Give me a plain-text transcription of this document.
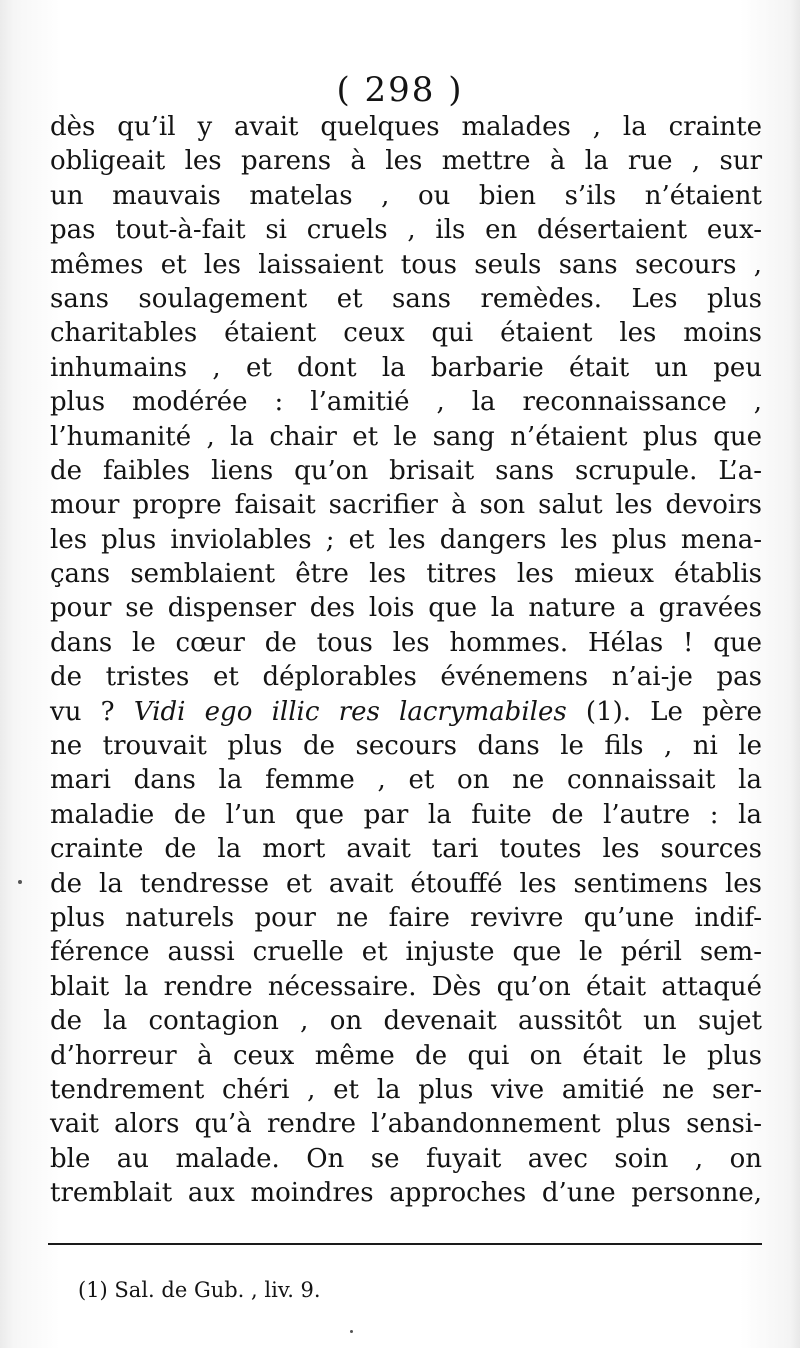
( 298 )

dès qu’il y avait quelques malades , la crainte
obligeait les parens à les mettre à la rue , sur
un mauvais matelas , ou bien s’ils n’étaient
pas tout-à-fait si cruels , ils en désertaient eux-
mêmes et les laissaient tous seuls sans secours ,
sans soulagement et sans remèdes. Les plus
charitables étaient ceux qui étaient les moins
inhumains , et dont la barbarie était un peu
plus modérée : l’amitié , la reconnaissance ,
l’humanité , la chair et le sang n’étaient plus que
de faibles liens qu’on brisait sans scrupule. L’a-
mour propre faisait sacrifier à son salut les devoirs
les plus inviolables ; et les dangers les plus mena-
çans semblaient être les titres les mieux établis
pour se dispenser des lois que la nature a gravées
dans le cœur de tous les hommes. Hélas ! que
de tristes et déplorables événemens n’ai-je pas
vu ? Vidi ego illic res lacrymabiles (1). Le père
ne trouvait plus de secours dans le fils , ni le
mari dans la femme , et on ne connaissait la
maladie de l’un que par la fuite de l’autre : la
crainte de la mort avait tari toutes les sources
de la tendresse et avait étouffé les sentimens les
plus naturels pour ne faire revivre qu’une indif-
férence aussi cruelle et injuste que le péril sem-
blait la rendre nécessaire. Dès qu’on était attaqué
de la contagion , on devenait aussitôt un sujet
d’horreur à ceux même de qui on était le plus
tendrement chéri , et la plus vive amitié ne ser-
vait alors qu’à rendre l’abandonnement plus sensi-
ble au malade. On se fuyait avec soin , on
tremblait aux moindres approches d’une personne,

(1) Sal. de Gub. , liv. 9.
